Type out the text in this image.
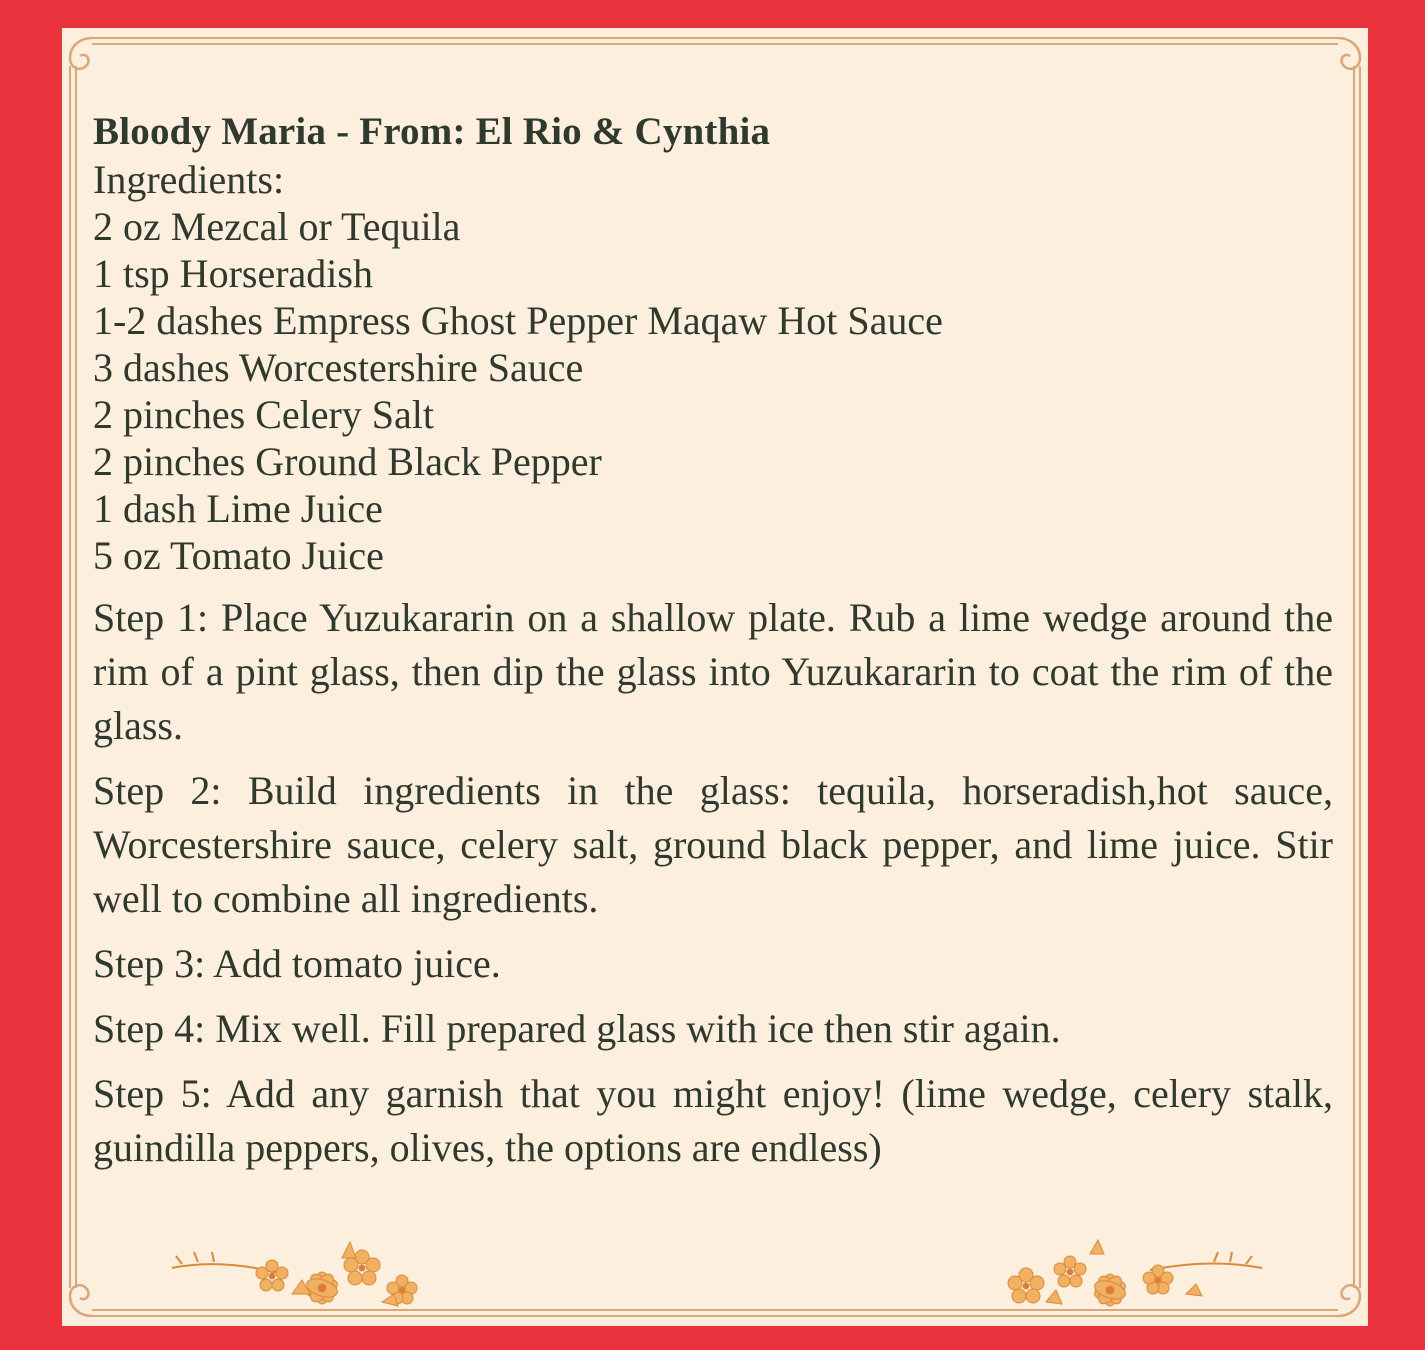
Bloody Maria - From: El Rio & Cynthia

Ingredients:

2 oz Mezcal or Tequila
1 tsp Horseradish
1-2 dashes Empress Ghost Pepper Maqaw Hot Sauce
3 dashes Worcestershire Sauce
2 pinches Celery Salt
2 pinches Ground Black Pepper
1 dash Lime Juice
5 oz Tomato Juice

Step 1: Place Yuzukararin on a shallow plate. Rub a lime wedge around the rim of a pint glass, then dip the glass into Yuzukararin to coat the rim of the glass.

Step 2: Build ingredients in the glass: tequila, horseradish,hot sauce, Worcestershire sauce, celery salt, ground black pepper, and lime juice. Stir well to combine all ingredients.

Step 3: Add tomato juice.

Step 4: Mix well. Fill prepared glass with ice then stir again.

Step 5: Add any garnish that you might enjoy! (lime wedge, celery stalk, guindilla peppers, olives, the options are endless)
